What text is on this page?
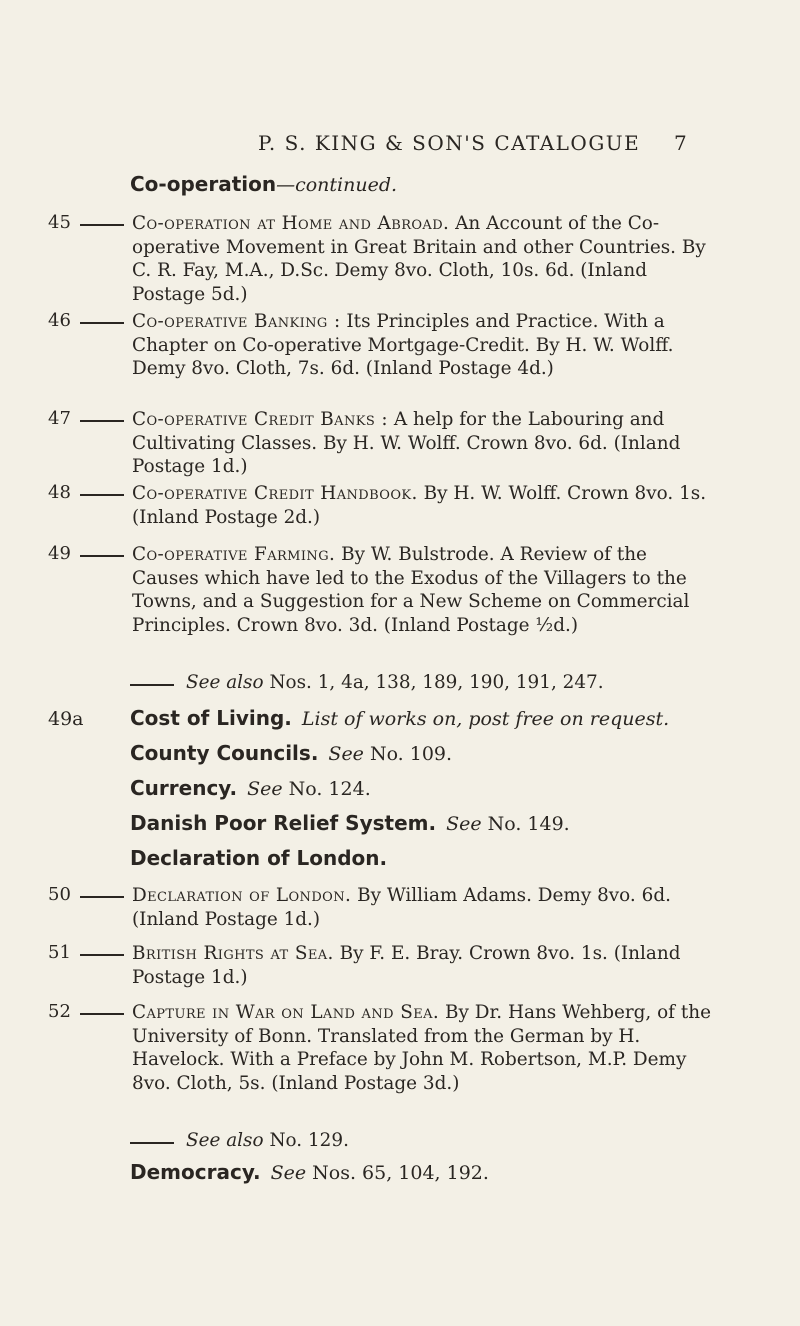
P. S. KING & SON'S CATALOGUE 7
Co-operation—continued.
45	Co-operation at Home and Abroad. An Account of the Co-operative Movement in Great Britain and other Countries. By C. R. Fay, M.A., D.Sc. Demy 8vo. Cloth, 10s. 6d. (Inland Postage 5d.)
46	Co-operative Banking : Its Principles and Practice. With a Chapter on Co-operative Mortgage-Credit. By H. W. Wolff. Demy 8vo. Cloth, 7s. 6d. (Inland Postage 4d.)
47	Co-operative Credit Banks : A help for the Labouring and Cultivating Classes. By H. W. Wolff. Crown 8vo. 6d. (Inland Postage 1d.)
48	Co-operative Credit Handbook. By H. W. Wolff. Crown 8vo. 1s. (Inland Postage 2d.)
49	Co-operative Farming. By W. Bulstrode. A Review of the Causes which have led to the Exodus of the Villagers to the Towns, and a Suggestion for a New Scheme on Commercial Principles. Crown 8vo. 3d. (Inland Postage ½d.)
See also Nos. 1, 4a, 138, 189, 190, 191, 247.
49a Cost of Living. List of works on, post free on request.
County Councils. See No. 109.
Currency. See No. 124.
Danish Poor Relief System. See No. 149.
Declaration of London.
50	Declaration of London. By William Adams. Demy 8vo. 6d. (Inland Postage 1d.)
51	British Rights at Sea. By F. E. Bray. Crown 8vo. 1s. (Inland Postage 1d.)
52	Capture in War on Land and Sea. By Dr. Hans Wehberg, of the University of Bonn. Translated from the German by H. Havelock. With a Preface by John M. Robertson, M.P. Demy 8vo. Cloth, 5s. (Inland Postage 3d.)
See also No. 129.
Democracy. See Nos. 65, 104, 192.
